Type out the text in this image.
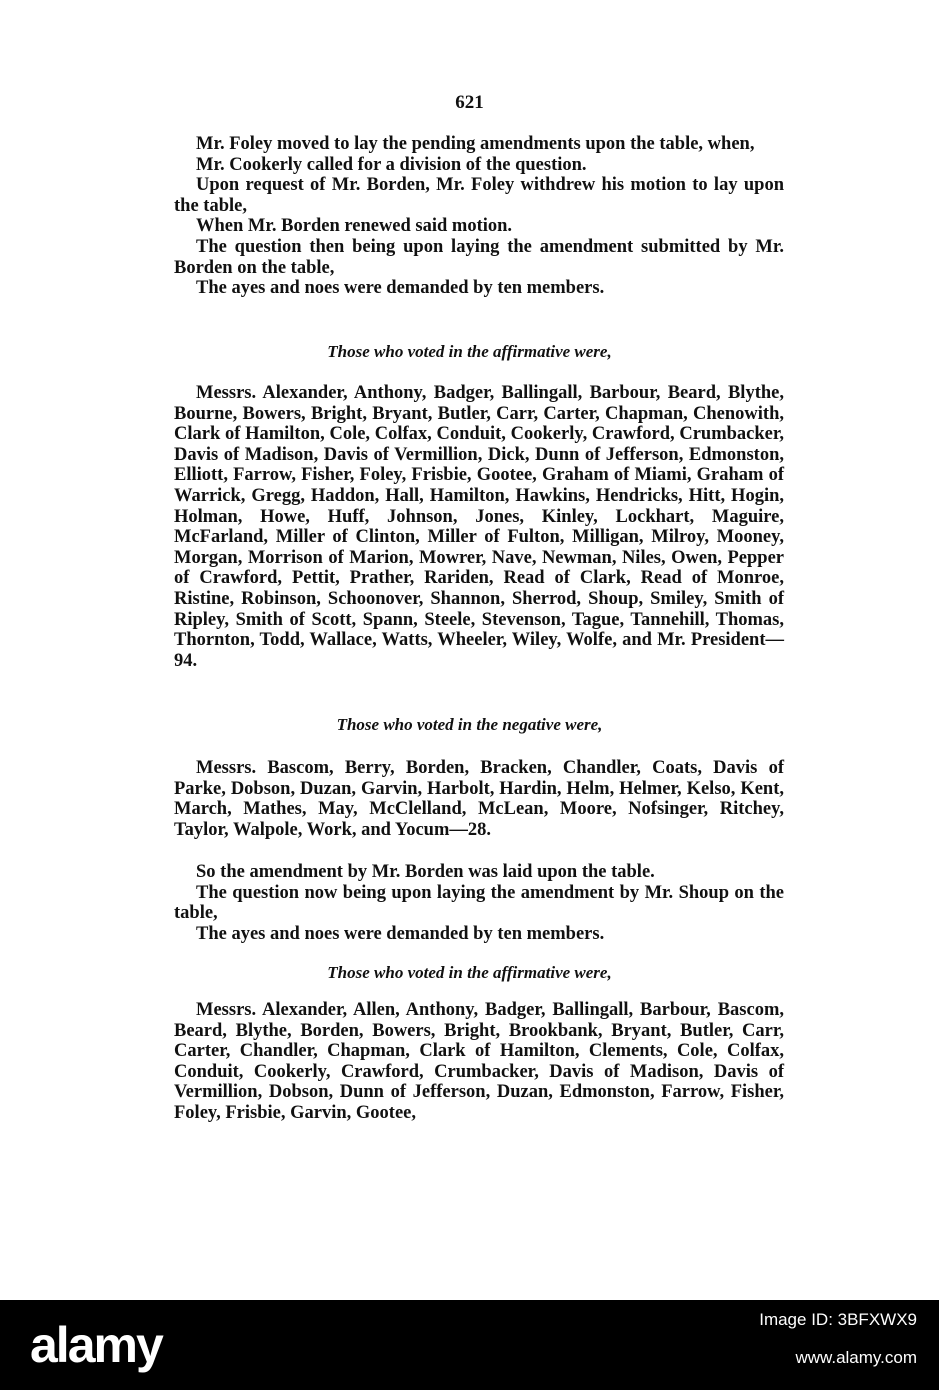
621

Mr. Foley moved to lay the pending amendments upon the table, when,

Mr. Cookerly called for a division of the question.

Upon request of Mr. Borden, Mr. Foley withdrew his motion to lay upon the table,

When Mr. Borden renewed said motion.

The question then being upon laying the amendment submitted by Mr. Borden on the table,

The ayes and noes were demanded by ten members.

Those who voted in the affirmative were,

Messrs. Alexander, Anthony, Badger, Ballingall, Barbour, Beard, Blythe, Bourne, Bowers, Bright, Bryant, Butler, Carr, Carter, Chapman, Chenowith, Clark of Hamilton, Cole, Colfax, Conduit, Cookerly, Crawford, Crumbacker, Davis of Madison, Davis of Vermillion, Dick, Dunn of Jefferson, Edmonston, Elliott, Farrow, Fisher, Foley, Frisbie, Gootee, Graham of Miami, Graham of Warrick, Gregg, Haddon, Hall, Hamilton, Hawkins, Hendricks, Hitt, Hogin, Holman, Howe, Huff, Johnson, Jones, Kinley, Lockhart, Maguire, McFarland, Miller of Clinton, Miller of Fulton, Milligan, Milroy, Mooney, Morgan, Morrison of Marion, Mowrer, Nave, Newman, Niles, Owen, Pepper of Crawford, Pettit, Prather, Rariden, Read of Clark, Read of Monroe, Ristine, Robinson, Schoonover, Shannon, Sherrod, Shoup, Smiley, Smith of Ripley, Smith of Scott, Spann, Steele, Stevenson, Tague, Tannehill, Thomas, Thornton, Todd, Wallace, Watts, Wheeler, Wiley, Wolfe, and Mr. President—94.

Those who voted in the negative were,

Messrs. Bascom, Berry, Borden, Bracken, Chandler, Coats, Davis of Parke, Dobson, Duzan, Garvin, Harbolt, Hardin, Helm, Helmer, Kelso, Kent, March, Mathes, May, McClelland, McLean, Moore, Nofsinger, Ritchey, Taylor, Walpole, Work, and Yocum—28.

So the amendment by Mr. Borden was laid upon the table.

The question now being upon laying the amendment by Mr. Shoup on the table,

The ayes and noes were demanded by ten members.

Those who voted in the affirmative were,

Messrs. Alexander, Allen, Anthony, Badger, Ballingall, Barbour, Bascom, Beard, Blythe, Borden, Bowers, Bright, Brookbank, Bryant, Butler, Carr, Carter, Chandler, Chapman, Clark of Hamilton, Clements, Cole, Colfax, Conduit, Cookerly, Crawford, Crumbacker, Davis of Madison, Davis of Vermillion, Dobson, Dunn of Jefferson, Duzan, Edmonston, Farrow, Fisher, Foley, Frisbie, Garvin, Gootee,

alamy	Image ID: 3BFXWX9
www.alamy.com
